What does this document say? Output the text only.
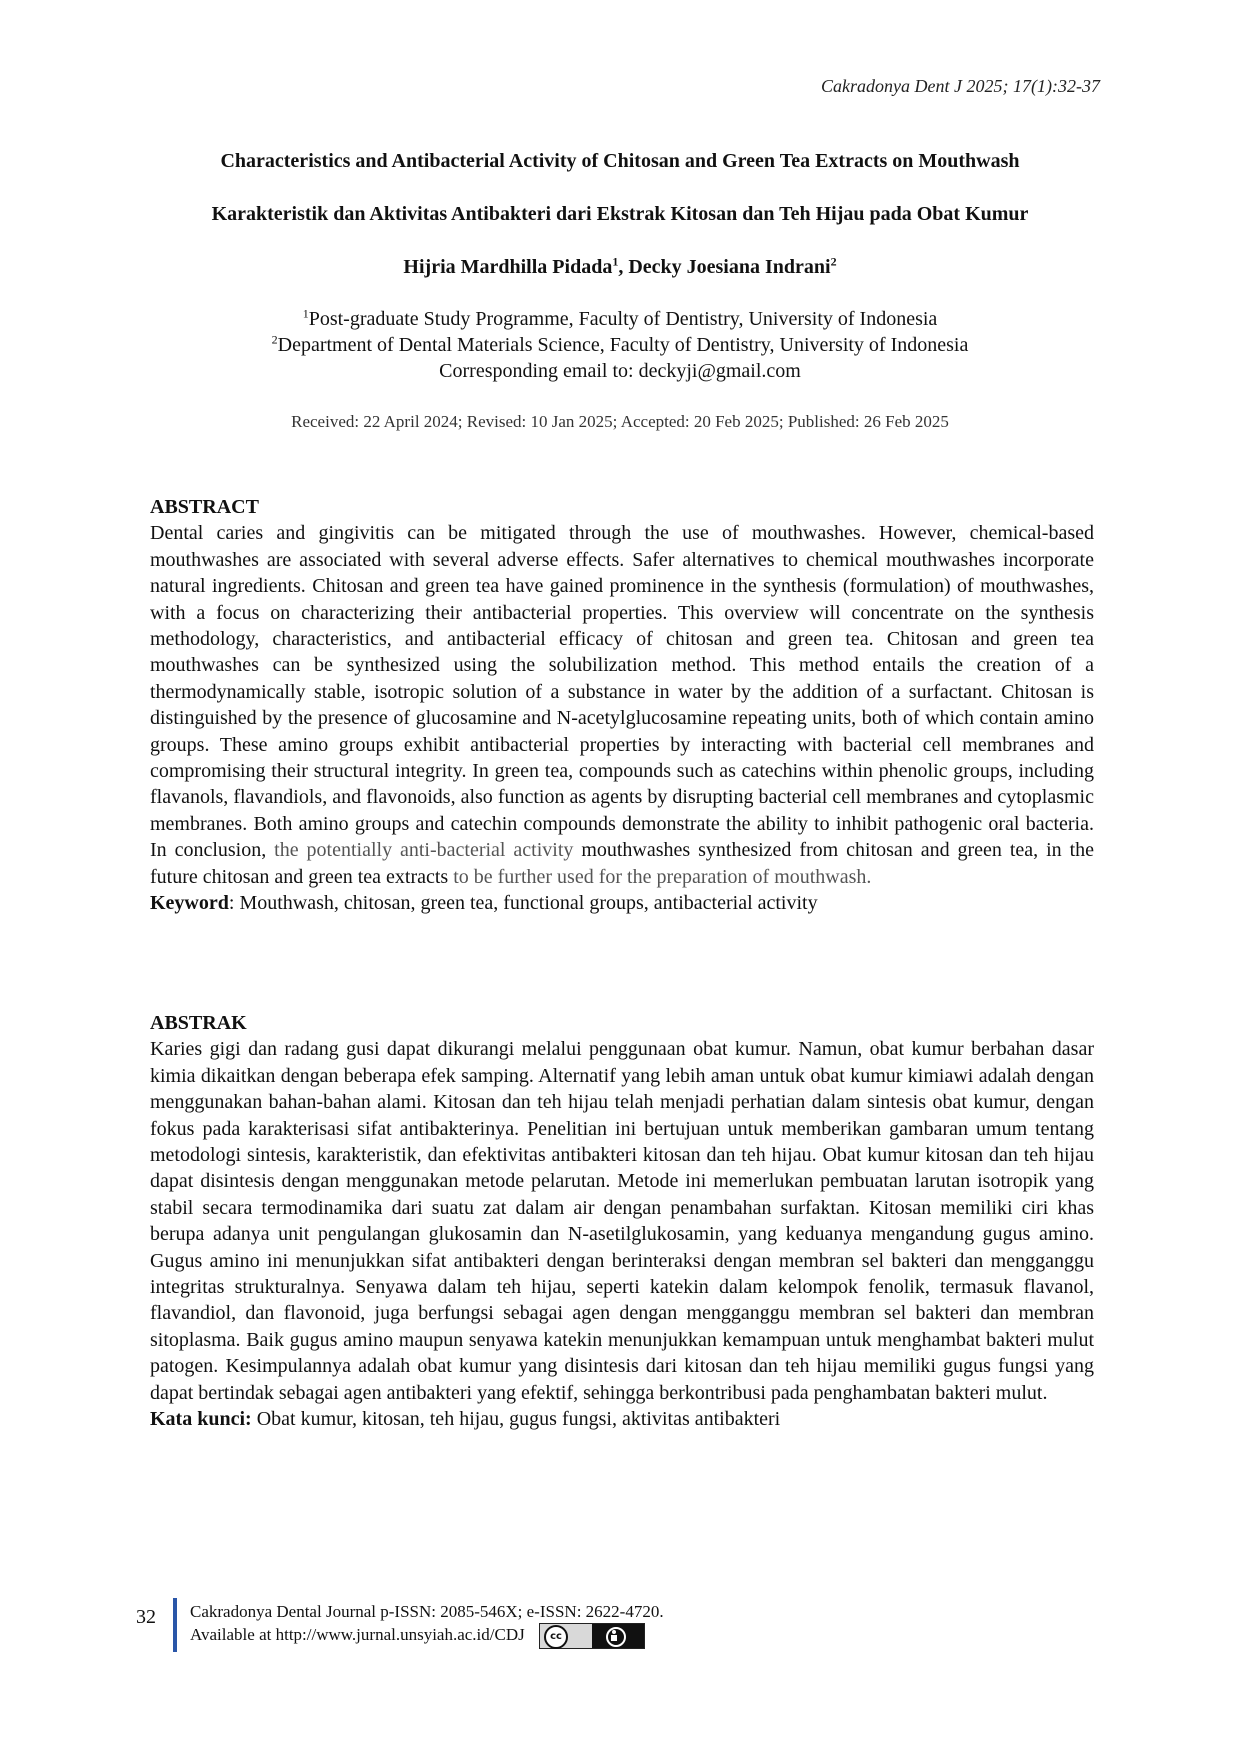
Cakradonya Dent J 2025; 17(1):32-37
Characteristics and Antibacterial Activity of Chitosan and Green Tea Extracts on Mouthwash
Karakteristik dan Aktivitas Antibakteri dari Ekstrak Kitosan dan Teh Hijau pada Obat Kumur
Hijria Mardhilla Pidada$^1$, Decky Joesiana Indrani$^2$
$^1$Post-graduate Study Programme, Faculty of Dentistry, University of Indonesia
$^2$Department of Dental Materials Science, Faculty of Dentistry, University of Indonesia
Corresponding email to: deckyji@gmail.com
Received: 22 April 2024; Revised: 10 Jan 2025; Accepted: 20 Feb 2025; Published: 26 Feb 2025

ABSTRACT

Dental caries and gingivitis can be mitigated through the use of mouthwashes. However, chemical-based mouthwashes are associated with several adverse effects. Safer alternatives to chemical mouthwashes incorporate natural ingredients. Chitosan and green tea have gained prominence in the synthesis (formulation) of mouthwashes, with a focus on characterizing their antibacterial properties. This overview will concentrate on the synthesis methodology, characteristics, and antibacterial efficacy of chitosan and green tea. Chitosan and green tea mouthwashes can be synthesized using the solubilization method. This method entails the creation of a thermodynamically stable, isotropic solution of a substance in water by the addition of a surfactant. Chitosan is distinguished by the presence of glucosamine and N-acetylglucosamine repeating units, both of which contain amino groups. These amino groups exhibit antibacterial properties by interacting with bacterial cell membranes and compromising their structural integrity. In green tea, compounds such as catechins within phenolic groups, including flavanols, flavandiols, and flavonoids, also function as agents by disrupting bacterial cell membranes and cytoplasmic membranes. Both amino groups and catechin compounds demonstrate the ability to inhibit pathogenic oral bacteria. In conclusion, the potentially anti-bacterial activity mouthwashes synthesized from chitosan and green tea, in the future chitosan and green tea extracts to be further used for the preparation of mouthwash.

Keyword: Mouthwash, chitosan, green tea, functional groups, antibacterial activity

ABSTRAK

Karies gigi dan radang gusi dapat dikurangi melalui penggunaan obat kumur. Namun, obat kumur berbahan dasar kimia dikaitkan dengan beberapa efek samping. Alternatif yang lebih aman untuk obat kumur kimiawi adalah dengan menggunakan bahan-bahan alami. Kitosan dan teh hijau telah menjadi perhatian dalam sintesis obat kumur, dengan fokus pada karakterisasi sifat antibakterinya. Penelitian ini bertujuan untuk memberikan gambaran umum tentang metodologi sintesis, karakteristik, dan efektivitas antibakteri kitosan dan teh hijau. Obat kumur kitosan dan teh hijau dapat disintesis dengan menggunakan metode pelarutan. Metode ini memerlukan pembuatan larutan isotropik yang stabil secara termodinamika dari suatu zat dalam air dengan penambahan surfaktan. Kitosan memiliki ciri khas berupa adanya unit pengulangan glukosamin dan N-asetilglukosamin, yang keduanya mengandung gugus amino. Gugus amino ini menunjukkan sifat antibakteri dengan berinteraksi dengan membran sel bakteri dan mengganggu integritas strukturalnya. Senyawa dalam teh hijau, seperti katekin dalam kelompok fenolik, termasuk flavanol, flavandiol, dan flavonoid, juga berfungsi sebagai agen dengan mengganggu membran sel bakteri dan membran sitoplasma. Baik gugus amino maupun senyawa katekin menunjukkan kemampuan untuk menghambat bakteri mulut patogen. Kesimpulannya adalah obat kumur yang disintesis dari kitosan dan teh hijau memiliki gugus fungsi yang dapat bertindak sebagai agen antibakteri yang efektif, sehingga berkontribusi pada penghambatan bakteri mulut.

Kata kunci: Obat kumur, kitosan, teh hijau, gugus fungsi, aktivitas antibakteri

32 Cakradonya Dental Journal p-ISSN: 2085-546X; e-ISSN: 2622-4720.
Available at http://www.jurnal.unsyiah.ac.id/CDJ	cc
